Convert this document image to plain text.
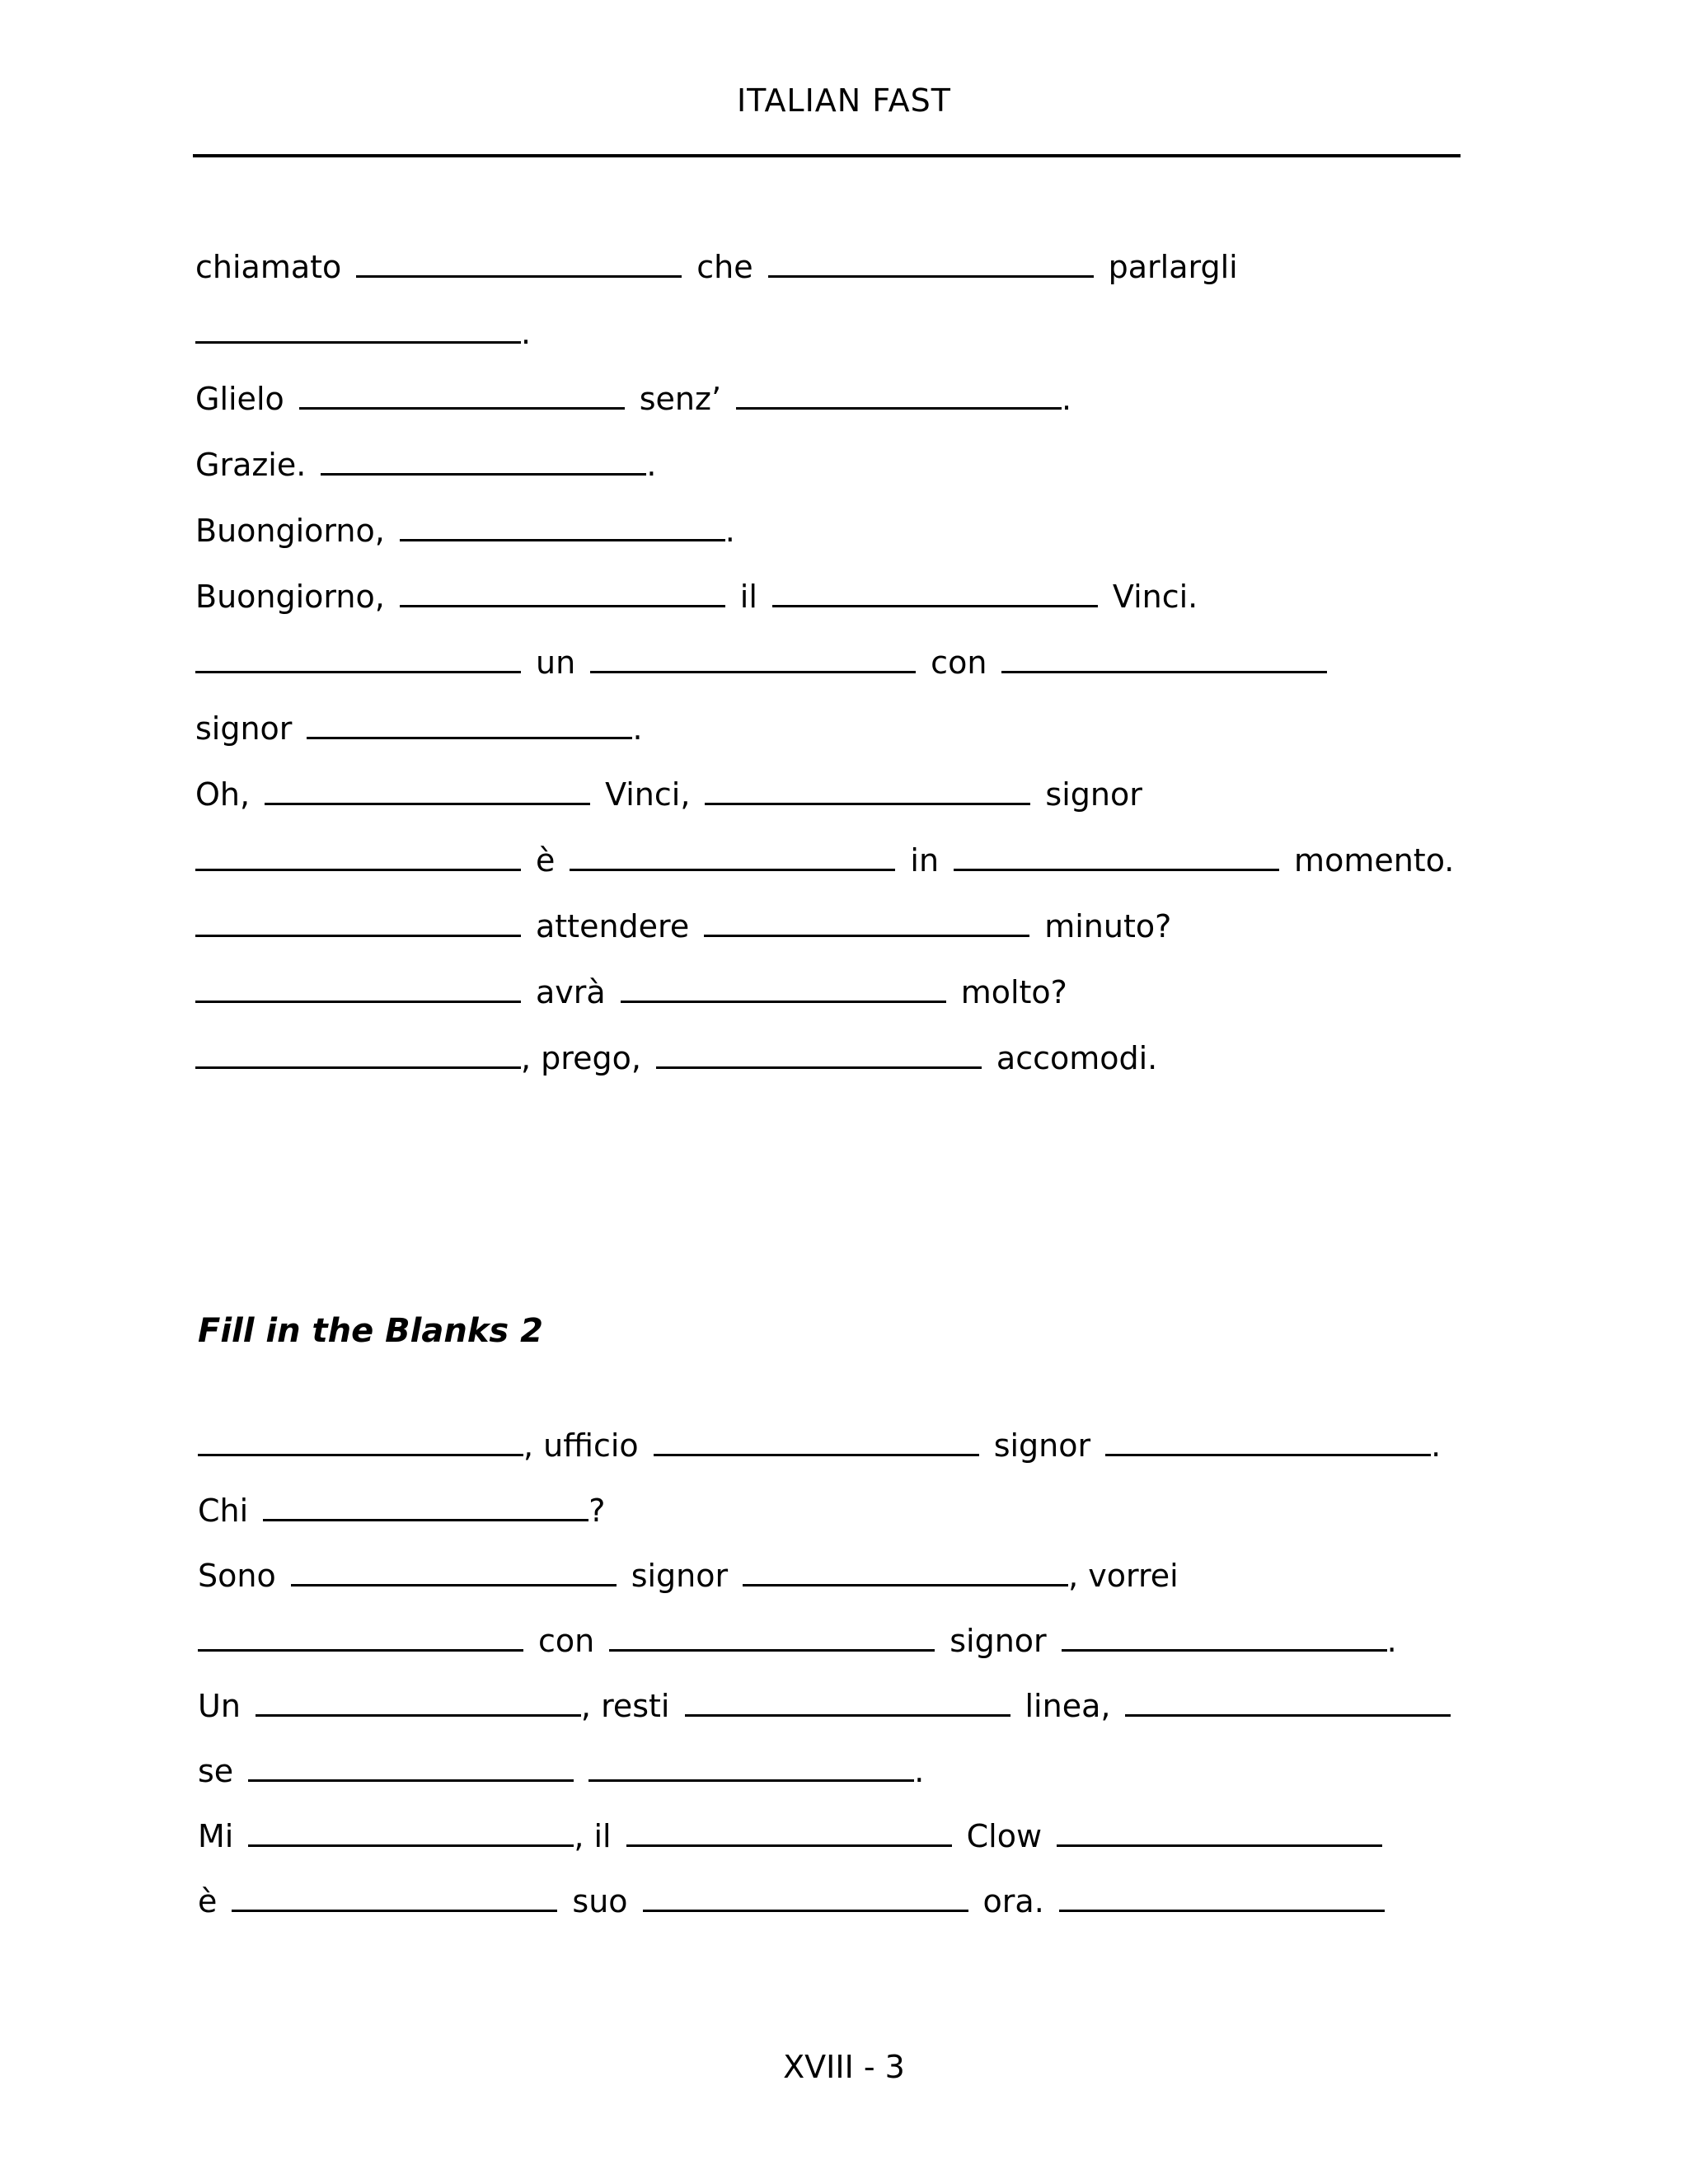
ITALIAN FAST
chiamato	che	parlargli
.
Glielo	senz’	.
Grazie.	.
Buongiorno,	.
Buongiorno,	il	Vinci.
un	con
signor	.
Oh,	Vinci,	signor
è	in	momento.
attendere	minuto?
avrà	molto?
, prego,	accomodi.
Fill in the Blanks 2
, ufficio	signor	.
Chi	?
Sono	signor	, vorrei
con	signor	.
Un	, resti	linea,
se	.
Mi	, il	Clow
è	suo	ora.
XVIII - 3
